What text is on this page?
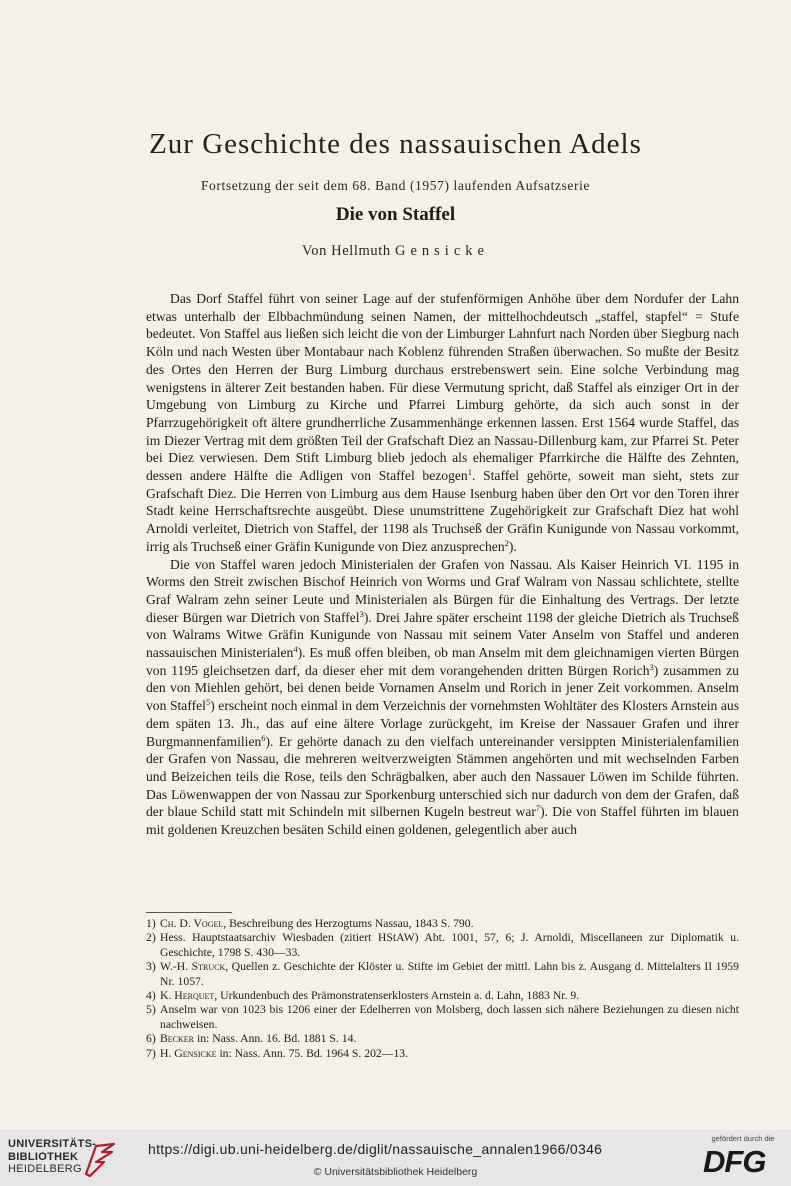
Zur Geschichte des nassauischen Adels
Fortsetzung der seit dem 68. Band (1957) laufenden Aufsatzserie
Die von Staffel
Von Hellmuth Gensicke

Das Dorf Staffel führt von seiner Lage auf der stufenförmigen Anhöhe über dem Nordufer der Lahn etwas unterhalb der Elbbachmündung seinen Namen, der mittelhochdeutsch „staffel, stapfel“ = Stufe bedeutet. Von Staffel aus ließen sich leicht die von der Limburger Lahnfurt nach Norden über Siegburg nach Köln und nach Westen über Montabaur nach Koblenz führenden Straßen überwachen. So mußte der Besitz des Ortes den Herren der Burg Limburg durchaus erstrebenswert sein. Eine solche Verbindung mag wenigstens in älterer Zeit bestanden haben. Für diese Vermutung spricht, daß Staffel als einziger Ort in der Umgebung von Limburg zu Kirche und Pfarrei Limburg gehörte, da sich auch sonst in der Pfarrzugehörigkeit oft ältere grundherrliche Zusammenhänge erkennen lassen. Erst 1564 wurde Staffel, das im Diezer Vertrag mit dem größten Teil der Grafschaft Diez an Nassau-Dillenburg kam, zur Pfarrei St. Peter bei Diez verwiesen. Dem Stift Limburg blieb jedoch als ehemaliger Pfarrkirche die Hälfte des Zehnten, dessen andere Hälfte die Adligen von Staffel bezogen$^1$. Staffel gehörte, soweit man sieht, stets zur Grafschaft Diez. Die Herren von Limburg aus dem Hause Isenburg haben über den Ort vor den Toren ihrer Stadt keine Herrschaftsrechte ausgeübt. Diese unumstrittene Zugehörigkeit zur Grafschaft Diez hat wohl Arnoldi verleitet, Dietrich von Staffel, der 1198 als Truchseß der Gräfin Kunigunde von Nassau vorkommt, irrig als Truchseß einer Gräfin Kunigunde von Diez anzusprechen$^2$).

Die von Staffel waren jedoch Ministerialen der Grafen von Nassau. Als Kaiser Heinrich VI. 1195 in Worms den Streit zwischen Bischof Heinrich von Worms und Graf Walram von Nassau schlichtete, stellte Graf Walram zehn seiner Leute und Ministerialen als Bürgen für die Einhaltung des Vertrags. Der letzte dieser Bürgen war Dietrich von Staffel$^3$). Drei Jahre später erscheint 1198 der gleiche Dietrich als Truchseß von Walrams Witwe Gräfin Kunigunde von Nassau mit seinem Vater Anselm von Staffel und anderen nassauischen Ministerialen$^4$). Es muß offen bleiben, ob man Anselm mit dem gleichnamigen vierten Bürgen von 1195 gleichsetzen darf, da dieser eher mit dem vorangehenden dritten Bürgen Rorich$^3$) zusammen zu den von Miehlen gehört, bei denen beide Vornamen Anselm und Rorich in jener Zeit vorkommen. Anselm von Staffel$^5$) erscheint noch einmal in dem Verzeichnis der vornehmsten Wohltäter des Klosters Arnstein aus dem späten 13. Jh., das auf eine ältere Vorlage zurückgeht, im Kreise der Nassauer Grafen und ihrer Burgmannenfamilien$^6$). Er gehörte danach zu den vielfach untereinander versippten Ministerialenfamilien der Grafen von Nassau, die mehreren weitverzweigten Stämmen angehörten und mit wechselnden Farben und Beizeichen teils die Rose, teils den Schrägbalken, aber auch den Nassauer Löwen im Schilde führten. Das Löwenwappen der von Nassau zur Sporkenburg unterschied sich nur dadurch von dem der Grafen, daß der blaue Schild statt mit Schindeln mit silbernen Kugeln bestreut war$^7$). Die von Staffel führten im blauen mit goldenen Kreuzchen besäten Schild einen goldenen, gelegentlich aber auch

1) Ch. D. Vogel, Beschreibung des Herzogtums Nassau, 1843 S. 790.
2) Hess. Hauptstaatsarchiv Wiesbaden (zitiert HStAW) Abt. 1001, 57, 6; J. Arnoldi, Miscellaneen zur Diplomatik u. Geschichte, 1798 S. 430—33.
3) W.-H. Struck, Quellen z. Geschichte der Klöster u. Stifte im Gebiet der mittl. Lahn bis z. Ausgang d. Mittelalters II 1959 Nr. 1057.
4) K. Herquet, Urkundenbuch des Prämonstratenserklosters Arnstein a. d. Lahn, 1883 Nr. 9.
5) Anselm war von 1023 bis 1206 einer der Edelherren von Molsberg, doch lassen sich nähere Beziehungen zu diesen nicht nachweisen.
6) Becker in: Nass. Ann. 16. Bd. 1881 S. 14.
7) H. Gensicke in: Nass. Ann. 75. Bd. 1964 S. 202—13.
UNIVERSITÄTS-
BIBLIOTHEK
HEIDELBERG
https://digi.ub.uni-heidelberg.de/diglit/nassauische_annalen1966/0346
© Universitätsbibliothek Heidelberg
gefördert durch die
DFG
